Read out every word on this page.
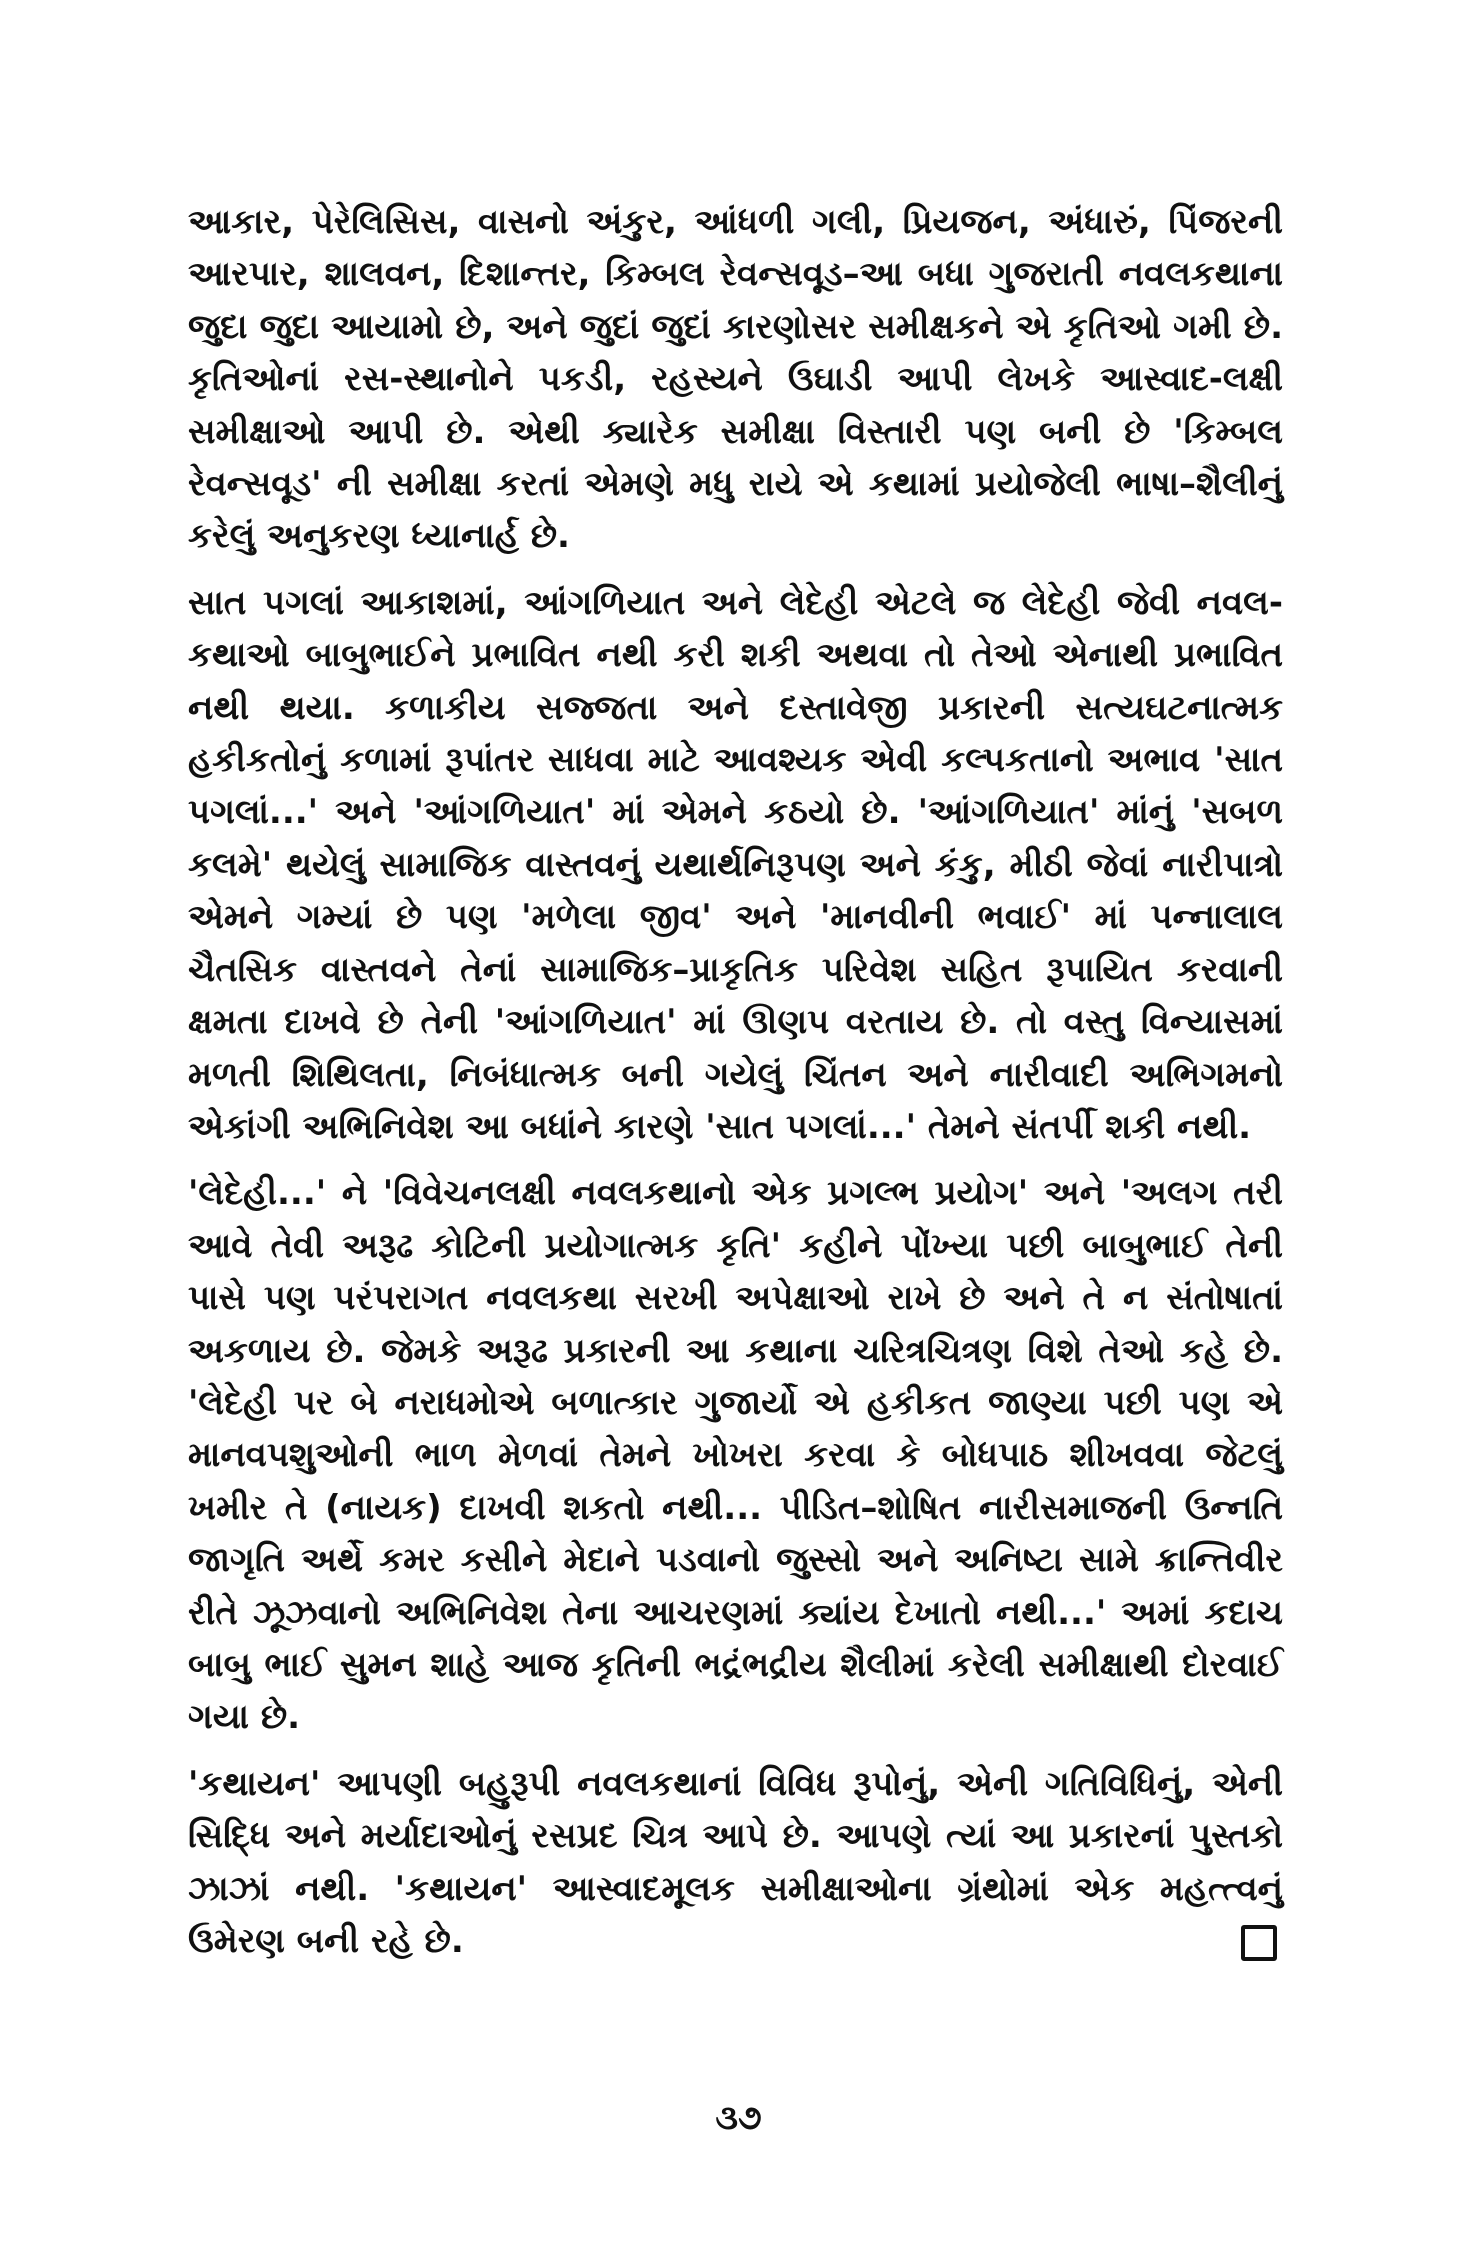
આકાર, પેરેલિસિસ, વાસનો અંકુર, આંધળી ગલી, પ્રિયજન, અંધારું, પિંજરની આરપાર, શાલવન, દિશાન્તર, કિમ્બલ રેવન્સવૂડ–આ બધા ગુજરાતી નવલકથાના જુદા જુદા આયામો છે, અને જુદાં જુદાં કારણોસર સમીક્ષકને એ કૃતિઓ ગમી છે. કૃતિઓનાં રસ-સ્થાનોને પકડી, રહસ્યને ઉઘાડી આપી લેખકે આસ્વાદ-લક્ષી સમીક્ષાઓ આપી છે. એથી ક્યારેક સમીક્ષા વિસ્તારી પણ બની છે 'કિમ્બલ રેવન્સવૂડ' ની સમીક્ષા કરતાં એમણે મધુ રાયે એ કથામાં પ્રયોજેલી ભાષા–શૈલીનું કરેલું અનુકરણ ધ્યાનાર્હ છે.

સાત પગલાં આકાશમાં, આંગળિયાત અને લેદેહી એટલે જ લેદેહી જેવી નવલ-કથાઓ બાબુભાઈને પ્રભાવિત નથી કરી શકી અથવા તો તેઓ એનાથી પ્રભાવિત નથી થયા. કળાકીય સજ્જતા અને દસ્તાવેજી પ્રકારની સત્યઘટનાત્મક હકીકતોનું કળામાં રૂપાંતર સાધવા માટે આવશ્યક એવી કલ્પકતાનો અભાવ 'સાત પગલાં...' અને 'આંગળિયાત' માં એમને કઠયો છે. 'આંગળિયાત' માંનું 'સબળ કલમે' થયેલું સામાજિક વાસ્તવનું યથાર્થનિરૂપણ અને કંકુ, મીઠી જેવાં નારીપાત્રો એમને ગમ્યાં છે પણ 'મળેલા જીવ' અને 'માનવીની ભવાઈ' માં પન્નાલાલ ચૈતસિક વાસ્તવને તેનાં સામાજિક–પ્રાકૃતિક પરિવેશ સહિત રૂપાયિત કરવાની ક્ષમતા દાખવે છે તેની 'આંગળિયાત' માં ઊણપ વરતાય છે. તો વસ્તુ વિન્યાસમાં મળતી શિથિલતા, નિબંધાત્મક બની ગયેલું ચિંતન અને નારીવાદી અભિગમનો એકાંગી અભિનિવેશ આ બધાંને કારણે 'સાત પગલાં...' તેમને સંતર્પી શકી નથી.

'લેદેહી...' ને 'વિવેચનલક્ષી નવલકથાનો એક પ્રગલ્ભ પ્રયોગ' અને 'અલગ તરી આવે તેવી અરૂઢ કોટિની પ્રયોગાત્મક કૃતિ' કહીને પોંખ્યા પછી બાબુભાઈ તેની પાસે પણ પરંપરાગત નવલકથા સરખી અપેક્ષાઓ રાખે છે અને તે ન સંતોષાતાં અકળાય છે. જેમકે અરૂઢ પ્રકારની આ કથાના ચરિત્રચિત્રણ વિશે તેઓ કહે છે. 'લેદેહી પર બે નરાધમોએ બળાત્કાર ગુજાર્યો એ હકીકત જાણ્યા પછી પણ એ માનવપશુઓની ભાળ મેળવાં તેમને ખોખરા કરવા કે બોધપાઠ શીખવવા જેટલું ખમીર તે (નાયક) દાખવી શકતો નથી... પીડિત–શોષિત નારીસમાજની ઉન્નતિ જાગૃતિ અર્થે કમર કસીને મેદાને પડવાનો જુસ્સો અને અનિષ્ટા સામે ક્રાન્તિવીર રીતે ઝૂઝવાનો અભિનિવેશ તેના આચરણમાં ક્યાંય દેખાતો નથી...' અમાં કદાચ બાબુ ભાઈ સુમન શાહે આજ કૃતિની ભદ્રંભદ્રીય શૈલીમાં કરેલી સમીક્ષાથી દોરવાઈ ગયા છે.

'કથાયન' આપણી બહુરૂપી નવલકથાનાં વિવિધ રૂપોનું, એની ગતિવિધિનું, એની સિદ્ધિ અને મર્યાદાઓનું રસપ્રદ ચિત્ર આપે છે. આપણે ત્યાં આ પ્રકારનાં પુસ્તકો ઝાઝાં નથી. 'કથાયન' આસ્વાદમૂલક સમીક્ષાઓના ગ્રંથોમાં એક મહત્ત્વનું ઉમેરણ બની રહે છે.

૩૭
